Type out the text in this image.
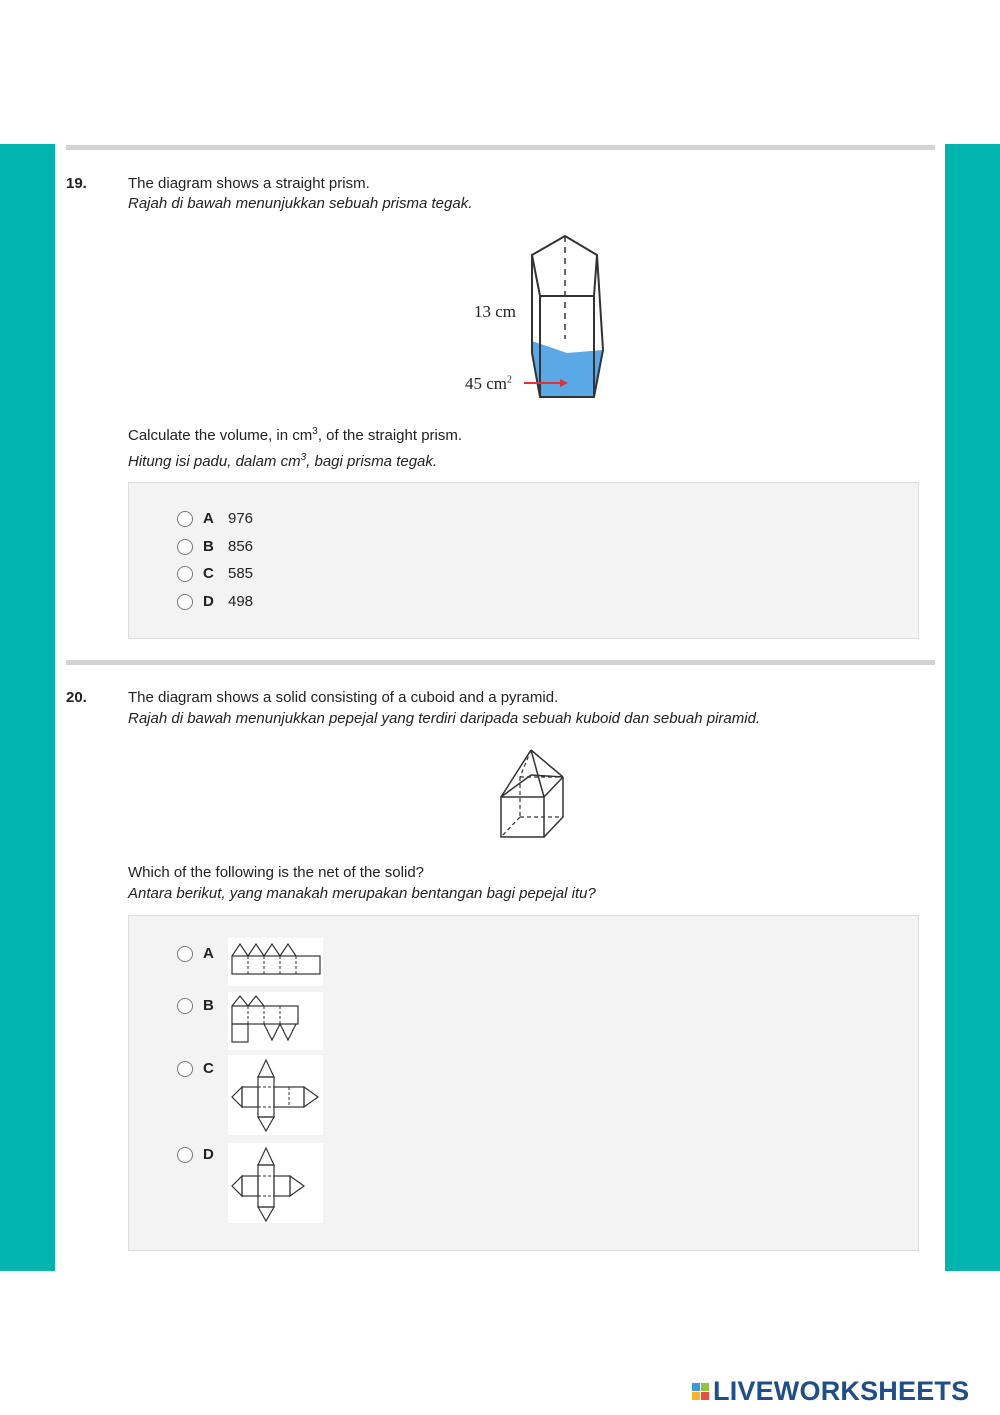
19.	The diagram shows a straight prism.
Rajah di bawah menunjukkan sebuah prisma tegak.
13 cm
45 $cm^2$
Calculate the volume, in $cm^3$, of the straight prism.
Hitung isi padu, dalam $cm^3$, bagi prisma tegak.
A 976
B 856
C 585
D 498
20.	The diagram shows a solid consisting of a cuboid and a pyramid.
Rajah di bawah menunjukkan pepejal yang terdiri daripada sebuah kuboid dan sebuah piramid.
Which of the following is the net of the solid?
Antara berikut, yang manakah merupakan bentangan bagi pepejal itu?
A
B
C
D
LIVEWORKSHEETS
